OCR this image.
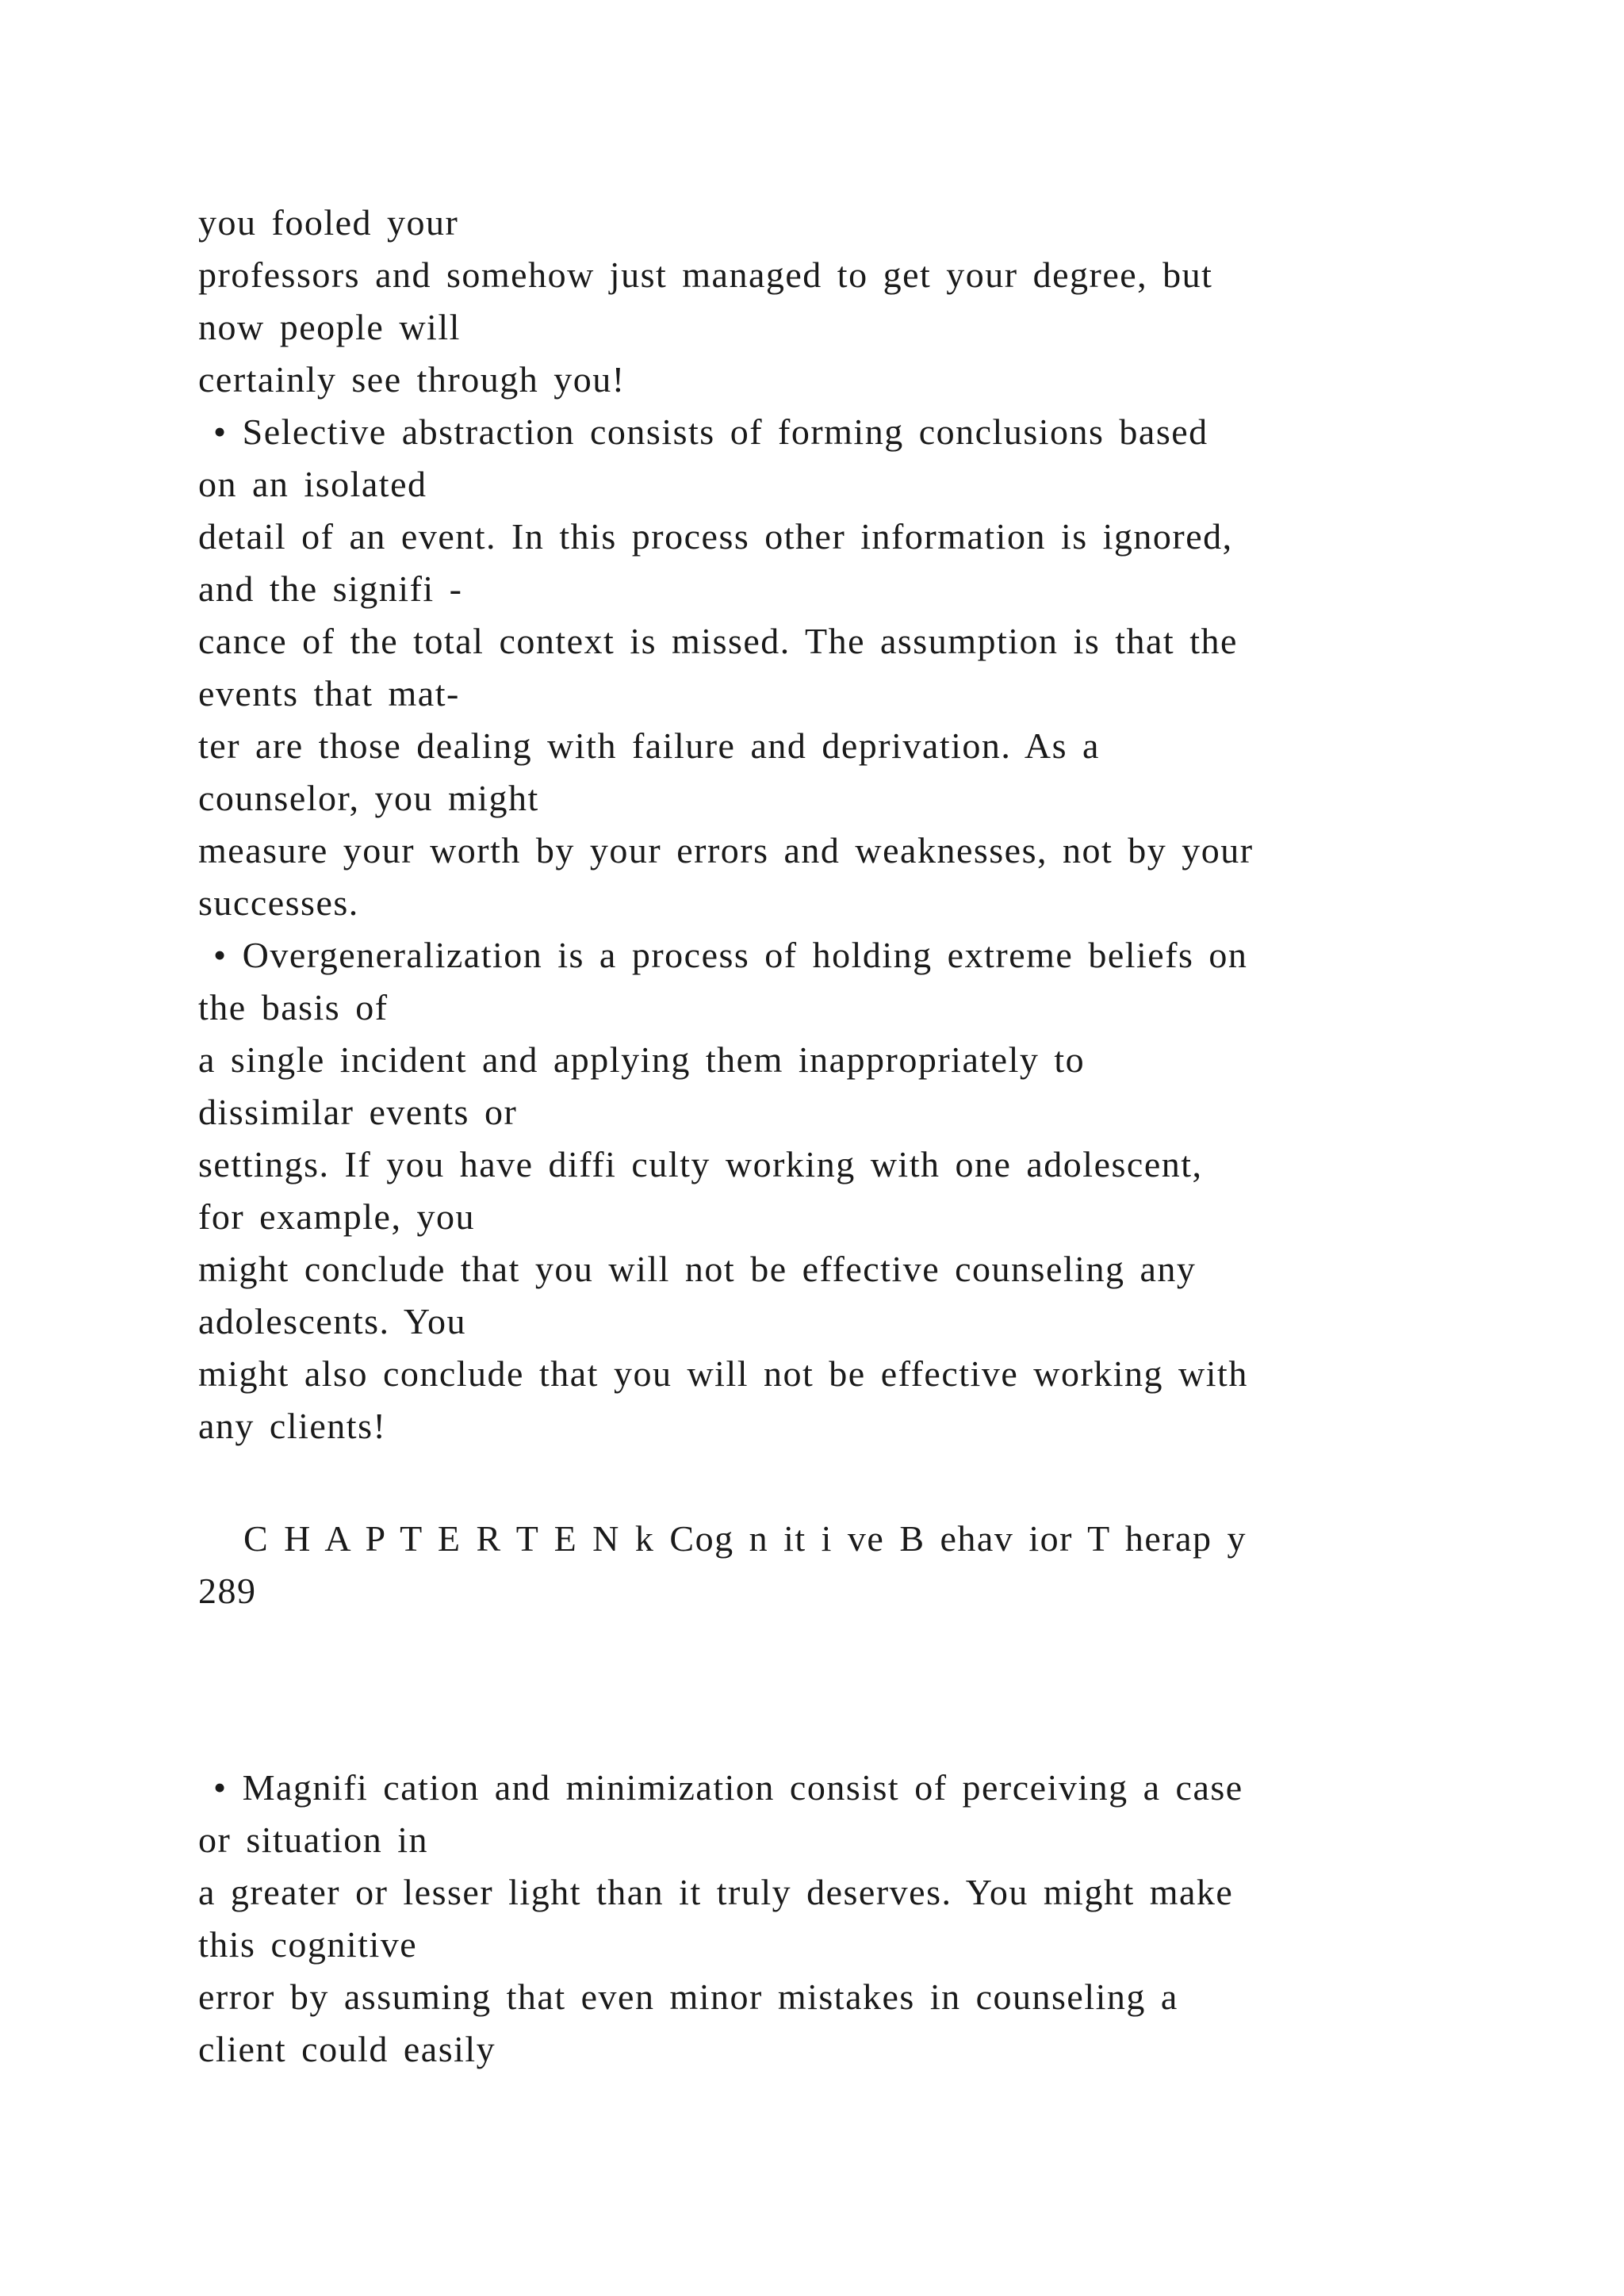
you fooled your
professors and somehow just managed to get your degree, but
now people will
certainly see through you!
• Selective abstraction consists of forming conclusions based
on an isolated
detail of an event. In this process other information is ignored,
and the signifi -
cance of the total context is missed. The assumption is that the
events that mat-
ter are those dealing with failure and deprivation. As a
counselor, you might
measure your worth by your errors and weaknesses, not by your
successes.
• Overgeneralization is a process of holding extreme beliefs on
the basis of
a single incident and applying them inappropriately to
dissimilar events or
settings. If you have diffi culty working with one adolescent,
for example, you
might conclude that you will not be effective counseling any
adolescents. You
might also conclude that you will not be effective working with
any clients!
C H A P T E R T E N k Cog n it i ve B ehav ior T herap y
289
• Magnifi cation and minimization consist of perceiving a case
or situation in
a greater or lesser light than it truly deserves. You might make
this cognitive
error by assuming that even minor mistakes in counseling a
client could easily
